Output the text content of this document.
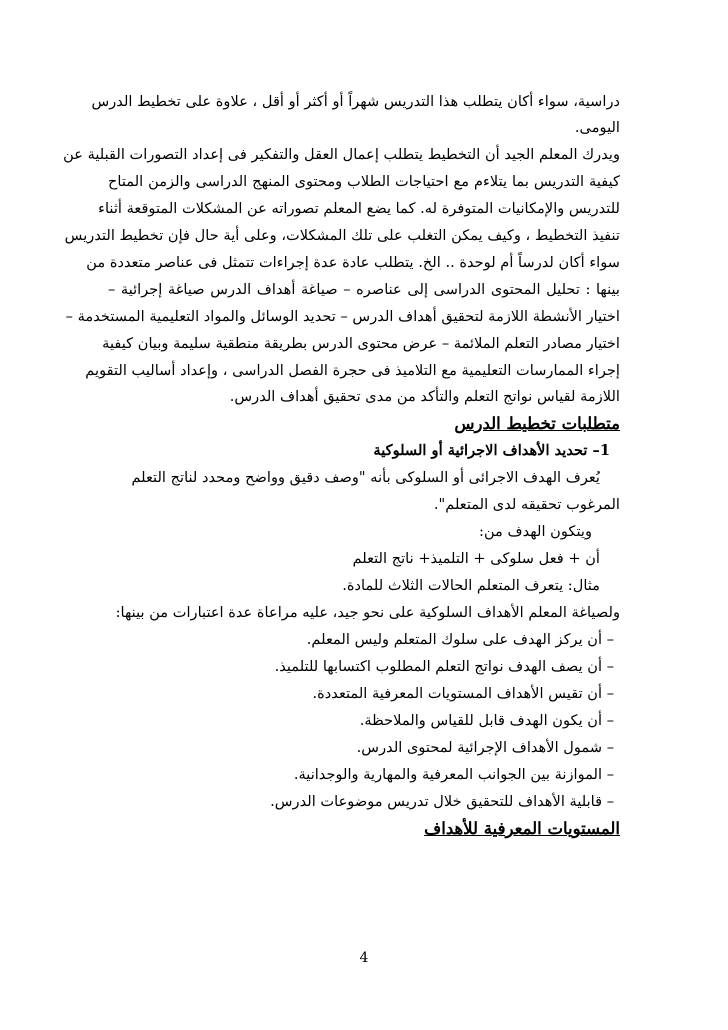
دراسية، سواء أكان يتطلب هذا التدريس شهراً أو أكثر أو أقل ، علاوة على تخطيط الدرس
اليومى.
ويدرك المعلم الجيد أن التخطيط يتطلب إعمال العقل والتفكير فى إعداد التصورات القبلية عن
كيفية التدريس بما يتلاءم مع احتياجات الطلاب ومحتوى المنهج الدراسى والزمن المتاح
للتدريس والإمكانيات المتوفرة له. كما يضع المعلم تصوراته عن المشكلات المتوقعة أثناء
تنفيذ التخطيط ، وكيف يمكن التغلب على تلك المشكلات، وعلى أية حال فإن تخطيط التدريس
سواء أكان لدرساً أم لوحدة .. الخ. يتطلب عادة عدة إجراءات تتمثل فى عناصر متعددة من
بينها : تحليل المحتوى الدراسى إلى عناصره – صياغة أهداف الدرس صياغة إجرائية –
اختيار الأنشطة اللازمة لتحقيق أهداف الدرس – تحديد الوسائل والمواد التعليمية المستخدمة –
اختيار مصادر التعلم الملائمة – عرض محتوى الدرس بطريقة منطقية سليمة وبيان كيفية
إجراء الممارسات التعليمية مع التلاميذ فى حجرة الفصل الدراسى ، وإعداد أساليب التقويم
اللازمة لقياس نواتج التعلم والتأكد من مدى تحقيق أهداف الدرس.
متطلبات تخطيط الدرس
1– تحديد الأهداف الاجرائية أو السلوكية
يُعرف الهدف الاجرائى أو السلوكى بأنه "وصف دقيق وواضح ومحدد لناتج التعلم
المرغوب تحقيقه لدى المتعلم".
ويتكون الهدف من:
أن + فعل سلوكى + التلميذ+ ناتج التعلم
مثال: يتعرف المتعلم الحالات الثلاث للمادة.
ولصياغة المعلم الأهداف السلوكية على نحو جيد، عليه مراعاة عدة اعتبارات من بينها:
– أن يركز الهدف على سلوك المتعلم وليس المعلم.
– أن يصف الهدف نواتج التعلم المطلوب اكتسابها للتلميذ.
– أن تقيس الأهداف المستويات المعرفية المتعددة.
– أن يكون الهدف قابل للقياس والملاحظة.
– شمول الأهداف الإجرائية لمحتوى الدرس.
– الموازنة بين الجوانب المعرفية والمهارية والوجدانية.
– قابلية الأهداف للتحقيق خلال تدريس موضوعات الدرس.
المستويات المعرفية للأهداف
4
